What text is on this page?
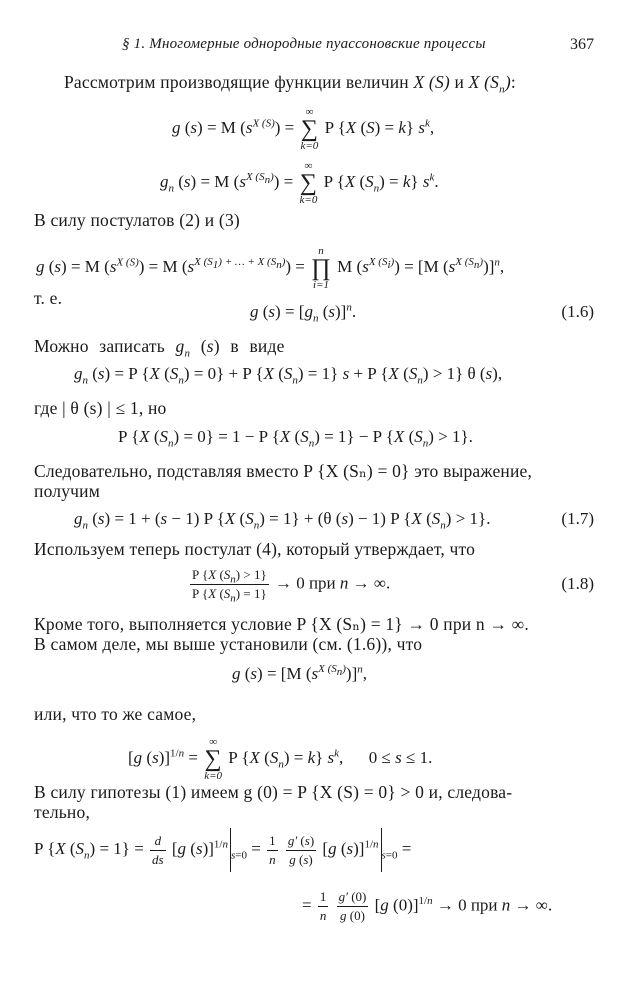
§ 1. Многомерные однородные пуассоновские процессы	367
Рассмотрим производящие функции величин X (S) и X $(S_n)$:
g (s) = M $(s^{X (S)})$ =
∞
∑
k=0
P {X (S) = k} $s^k$,
$g_n$ (s) = M $(s^{X (S_n)})$ =
∞
∑
k=0
P {X $(S_n) = k$} $s^k$.
В силу постулатов (2) и (3)
g (s) = M $(s^{X (S)}) = M$ $(s^{X (S_1) + \dots + X (S_n)})$ =
n
∏
i=1
M $(s^{X (S_i)}) = [M$ $(s^{X (S_n)})]^n$,
т. е.
g $(s) = [g_n$ (s)]$^n$.	(1.6)
Можно записать $g_n$ (s) в виде
$g_n$ (s) = P {X $(S_n) = 0\} + P$ {X $(S_n) = 1$} s + P {X $(S_n) > 1$} θ (s),
где | θ (s) | ≤ 1, но
P {X $(S_n) = 0\} = 1 - P$ {X $(S_n) = 1\} - P$ {X $(S_n) > 1$}.
Следовательно, подставляя вместо P {X (Sₙ) = 0} это выражение,
получим
$g_n$ (s) = 1 + (s − 1) P {X $(S_n) = 1\} + (\theta$ (s) − 1) P {X $(S_n) > 1$}.	(1.7)
Используем теперь постулат (4), который утверждает, что
$\frac{P \{X (S_n) > 1\}}{P \{X (S_n) = 1\}} \to 0$ при n → ∞.	(1.8)
Кроме того, выполняется условие P {X (Sₙ) = 1} → 0 при n → ∞.
В самом деле, мы выше установили (см. (1.6)), что
g (s) = [M $(s^{X (S_n)})]^n$,
или, что то же самое,
[g (s)]$^{1/n}$ =
∞
∑
k=0
P {X $(S_n) = k$} $s^k$,      0 ≤ s ≤ 1.
В силу гипотезы (1) имеем g (0) = P {X (S) = 0} > 0 и, следова-
тельно,
P {X $(S_n) = 1\} = \frac{d}{ds} [g$ $(s)]^{1/n}_{s=0} = \frac{1}{n}$
$\frac{g' (s)}{g (s)} [g$ (s)]$^{1/n}_{s=0}$ =
= $\frac{1}{n}$
$\frac{g' (0)}{g (0)} [g$ (0)]$^{1/n}$ → 0 при n → ∞.
